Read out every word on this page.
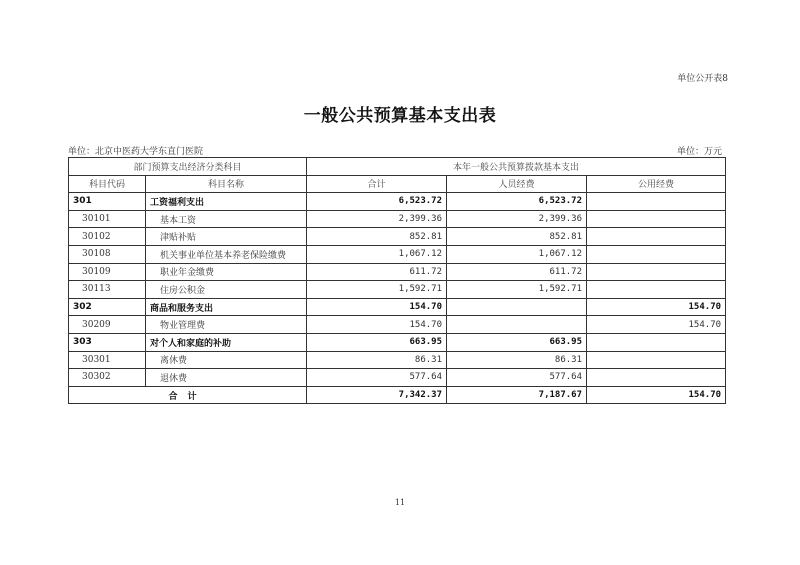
单位公开表8
一般公共预算基本支出表
单位：北京中医药大学东直门医院	单位：万元
部门预算支出经济分类科目		本年一般公共预算拨款基本支出		
科目代码	科目名称	合计	人员经费	公用经费
301	工资福利支出	6,523.72	6,523.72	
30101	基本工资	2,399.36	2,399.36	
30102	津贴补贴	852.81	852.81	
30108	机关事业单位基本养老保险缴费	1,067.12	1,067.12	
30109	职业年金缴费	611.72	611.72	
30113	住房公积金	1,592.71	1,592.71	
302	商品和服务支出	154.70		154.70
30209	物业管理费	154.70		154.70
303	对个人和家庭的补助	663.95	663.95	
30301	离休费	86.31	86.31	
30302	退休费	577.64	577.64	
合计		7,342.37	7,187.67	154.70
11
